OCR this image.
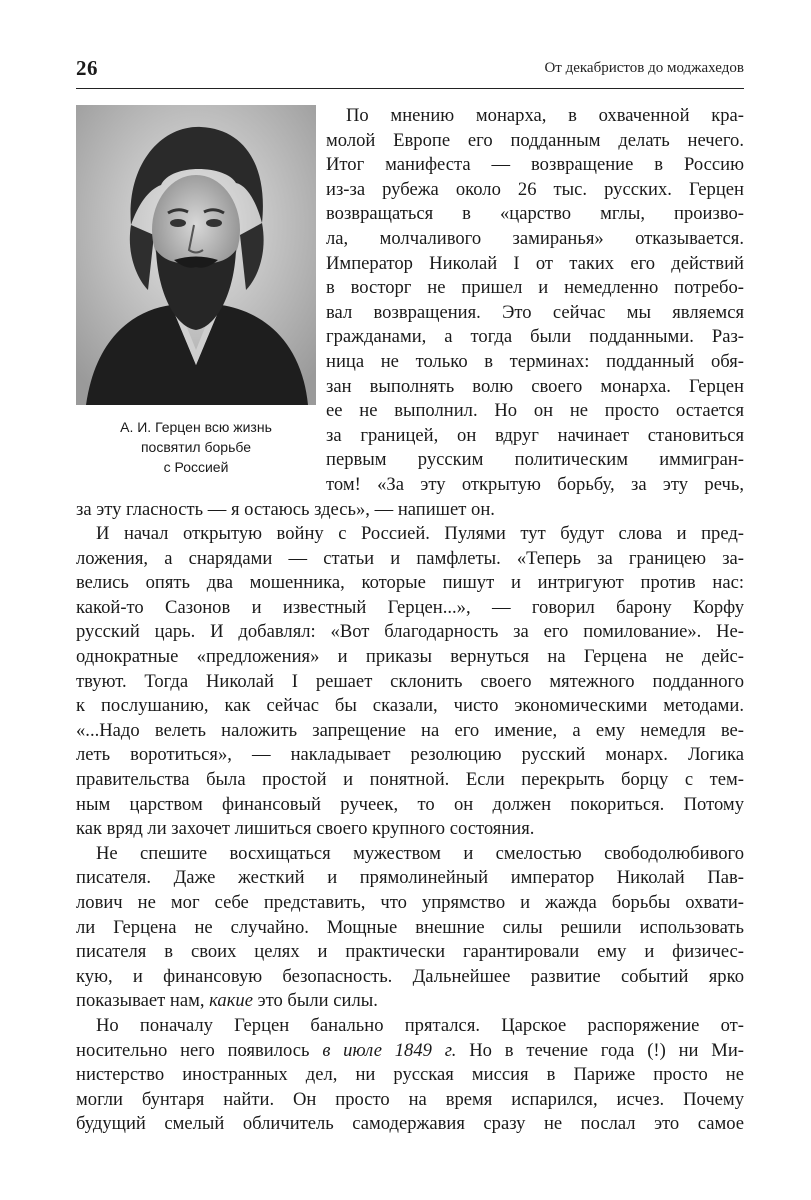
26	От декабристов до моджахедов
А. И. Герцен всю жизнь
посвятил борьбе
с Россией
По мнению монарха, в охваченной кра-
молой Европе его подданным делать нечего.
Итог манифеста — возвращение в Россию
из-за рубежа около 26 тыс. русских. Герцен
возвращаться в «царство мглы, произво-
ла, молчаливого замиранья» отказывается.
Император Николай I от таких его действий
в восторг не пришел и немедленно потребо-
вал возвращения. Это сейчас мы являемся
гражданами, а тогда были подданными. Раз-
ница не только в терминах: подданный обя-
зан выполнять волю своего монарха. Герцен
ее не выполнил. Но он не просто остается
за границей, он вдруг начинает становиться
первым русским политическим иммигран-
том! «За эту открытую борьбу, за эту речь,
за эту гласность — я остаюсь здесь», — напишет он.
И начал открытую войну с Россией. Пулями тут будут слова и пред-
ложения, а снарядами — статьи и памфлеты. «Теперь за границею за-
велись опять два мошенника, которые пишут и интригуют против нас:
какой-то Сазонов и известный Герцен...», — говорил барону Корфу
русский царь. И добавлял: «Вот благодарность за его помилование». Не-
однократные «предложения» и приказы вернуться на Герцена не дейс-
твуют. Тогда Николай I решает склонить своего мятежного подданного
к послушанию, как сейчас бы сказали, чисто экономическими методами.
«...Надо велеть наложить запрещение на его имение, а ему немедля ве-
леть воротиться», — накладывает резолюцию русский монарх. Логика
правительства была простой и понятной. Если перекрыть борцу с тем-
ным царством финансовый ручеек, то он должен покориться. Потому
как вряд ли захочет лишиться своего крупного состояния.
Не спешите восхищаться мужеством и смелостью свободолюбивого
писателя. Даже жесткий и прямолинейный император Николай Пав-
лович не мог себе представить, что упрямство и жажда борьбы охвати-
ли Герцена не случайно. Мощные внешние силы решили использовать
писателя в своих целях и практически гарантировали ему и физичес-
кую, и финансовую безопасность. Дальнейшее развитие событий ярко
показывает нам, какие это были силы.
Но поначалу Герцен банально прятался. Царское распоряжение от-
носительно него появилось в июле 1849 г. Но в течение года (!) ни Ми-
нистерство иностранных дел, ни русская миссия в Париже просто не
могли бунтаря найти. Он просто на время испарился, исчез. Почему
будущий смелый обличитель самодержавия сразу не послал это самое
